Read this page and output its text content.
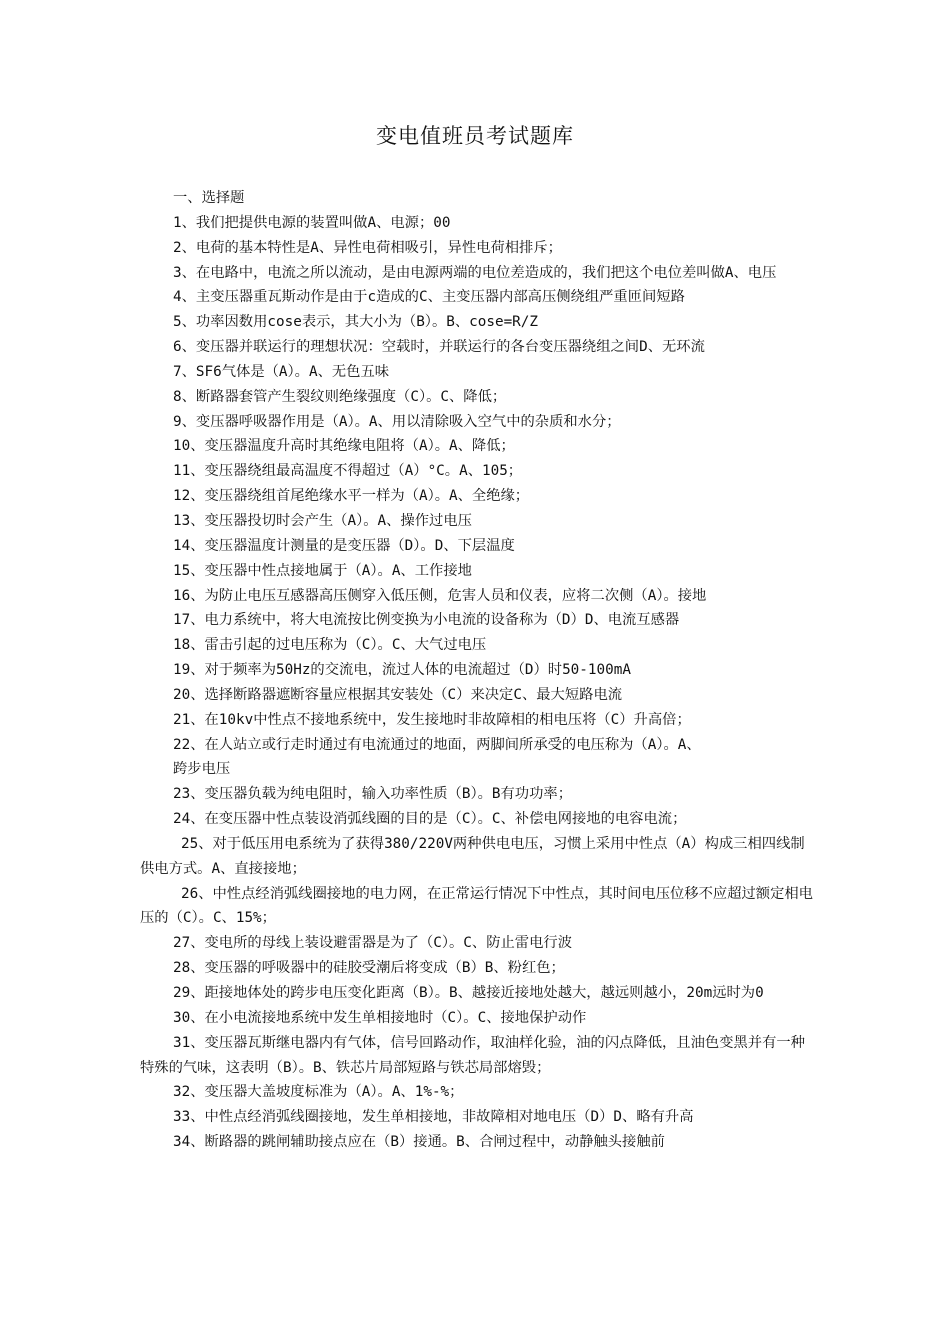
变电值班员考试题库
一、选择题
1、我们把提供电源的装置叫做A、电源；00
2、电荷的基本特性是A、异性电荷相吸引，异性电荷相排斥；
3、在电路中，电流之所以流动，是由电源两端的电位差造成的，我们把这个电位差叫做A、电压
4、主变压器重瓦斯动作是由于c造成的C、主变压器内部高压侧绕组严重匝间短路
5、功率因数用cose表示，其大小为（B）。B、cose=R/Z
6、变压器并联运行的理想状况：空载时，并联运行的各台变压器绕组之间D、无环流
7、SF6气体是（A）。A、无色五味
8、断路器套管产生裂纹则绝缘强度（C）。C、降低；
9、变压器呼吸器作用是（A）。A、用以清除吸入空气中的杂质和水分；
10、变压器温度升高时其绝缘电阻将（A）。A、降低；
11、变压器绕组最高温度不得超过（A）°C。A、105；
12、变压器绕组首尾绝缘水平一样为（A）。A、全绝缘；
13、变压器投切时会产生（A）。A、操作过电压
14、变压器温度计测量的是变压器（D）。D、下层温度
15、变压器中性点接地属于（A）。A、工作接地
16、为防止电压互感器高压侧穿入低压侧，危害人员和仪表，应将二次侧（A）。接地
17、电力系统中，将大电流按比例变换为小电流的设备称为（D）D、电流互感器
18、雷击引起的过电压称为（C）。C、大气过电压
19、对于频率为50Hz的交流电，流过人体的电流超过（D）时50-100mA
20、选择断路器遮断容量应根据其安装处（C）来决定C、最大短路电流
21、在10kv中性点不接地系统中，发生接地时非故障相的相电压将（C）升高倍；
22、在人站立或行走时通过有电流通过的地面，两脚间所承受的电压称为（A）。A、
跨步电压
23、变压器负载为纯电阻时，输入功率性质（B）。B有功功率；
24、在变压器中性点装设消弧线圈的目的是（C）。C、补偿电网接地的电容电流；
25、对于低压用电系统为了获得380/220V两种供电电压，习惯上采用中性点（A）构成三相四线制供电方式。A、直接接地；
26、中性点经消弧线圈接地的电力网，在正常运行情况下中性点，其时间电压位移不应超过额定相电压的（C）。C、15%；
27、变电所的母线上装设避雷器是为了（C）。C、防止雷电行波
28、变压器的呼吸器中的硅胶受潮后将变成（B）B、粉红色；
29、距接地体处的跨步电压变化距离（B）。B、越接近接地处越大，越远则越小，20m远时为0
30、在小电流接地系统中发生单相接地时（C）。C、接地保护动作
31、变压器瓦斯继电器内有气体，信号回路动作，取油样化验，油的闪点降低，且油色变黑并有一种特殊的气味，这表明（B）。B、铁芯片局部短路与铁芯局部熔毁；
32、变压器大盖坡度标准为（A）。A、1%-%；
33、中性点经消弧线圈接地，发生单相接地，非故障相对地电压（D）D、略有升高
34、断路器的跳闸辅助接点应在（B）接通。B、合闸过程中，动静触头接触前
